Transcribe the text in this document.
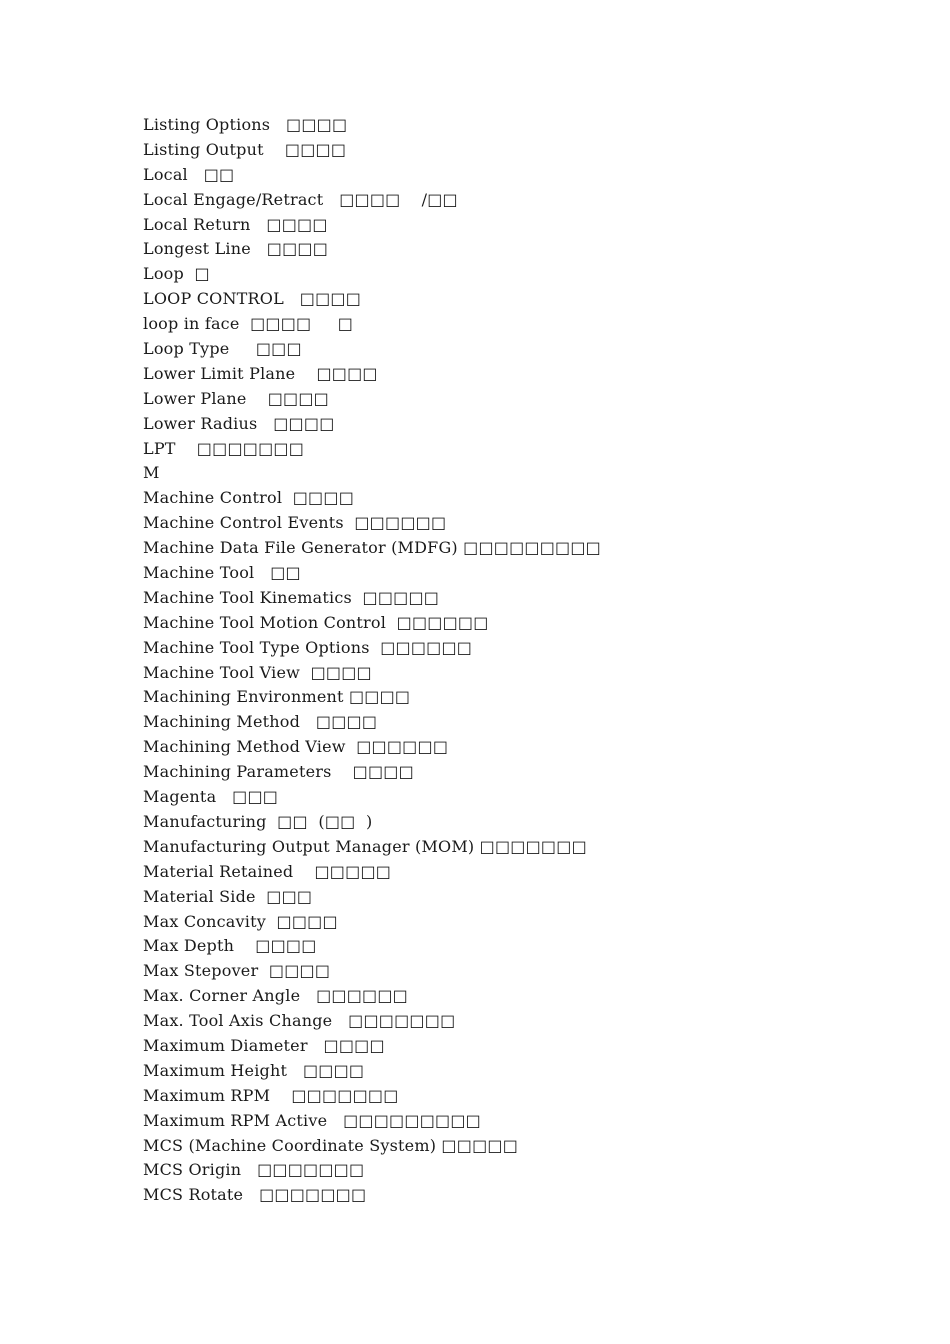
Listing Options   □□□□
Listing Output    □□□□
Local   □□
Local Engage/Retract   □□□□    /□□
Local Return   □□□□
Longest Line   □□□□
Loop  □
LOOP CONTROL   □□□□
loop in face  □□□□     □
Loop Type     □□□
Lower Limit Plane    □□□□
Lower Plane    □□□□
Lower Radius   □□□□
LPT    □□□□□□□
M
Machine Control  □□□□
Machine Control Events  □□□□□□
Machine Data File Generator (MDFG) □□□□□□□□□
Machine Tool   □□
Machine Tool Kinematics  □□□□□
Machine Tool Motion Control  □□□□□□
Machine Tool Type Options  □□□□□□
Machine Tool View  □□□□
Machining Environment □□□□
Machining Method   □□□□
Machining Method View  □□□□□□
Machining Parameters    □□□□
Magenta   □□□
Manufacturing  □□  (□□  )
Manufacturing Output Manager (MOM) □□□□□□□
Material Retained    □□□□□
Material Side  □□□
Max Concavity  □□□□
Max Depth    □□□□
Max Stepover  □□□□
Max. Corner Angle   □□□□□□
Max. Tool Axis Change   □□□□□□□
Maximum Diameter   □□□□
Maximum Height   □□□□
Maximum RPM    □□□□□□□
Maximum RPM Active   □□□□□□□□□
MCS (Machine Coordinate System) □□□□□
MCS Origin   □□□□□□□
MCS Rotate   □□□□□□□
